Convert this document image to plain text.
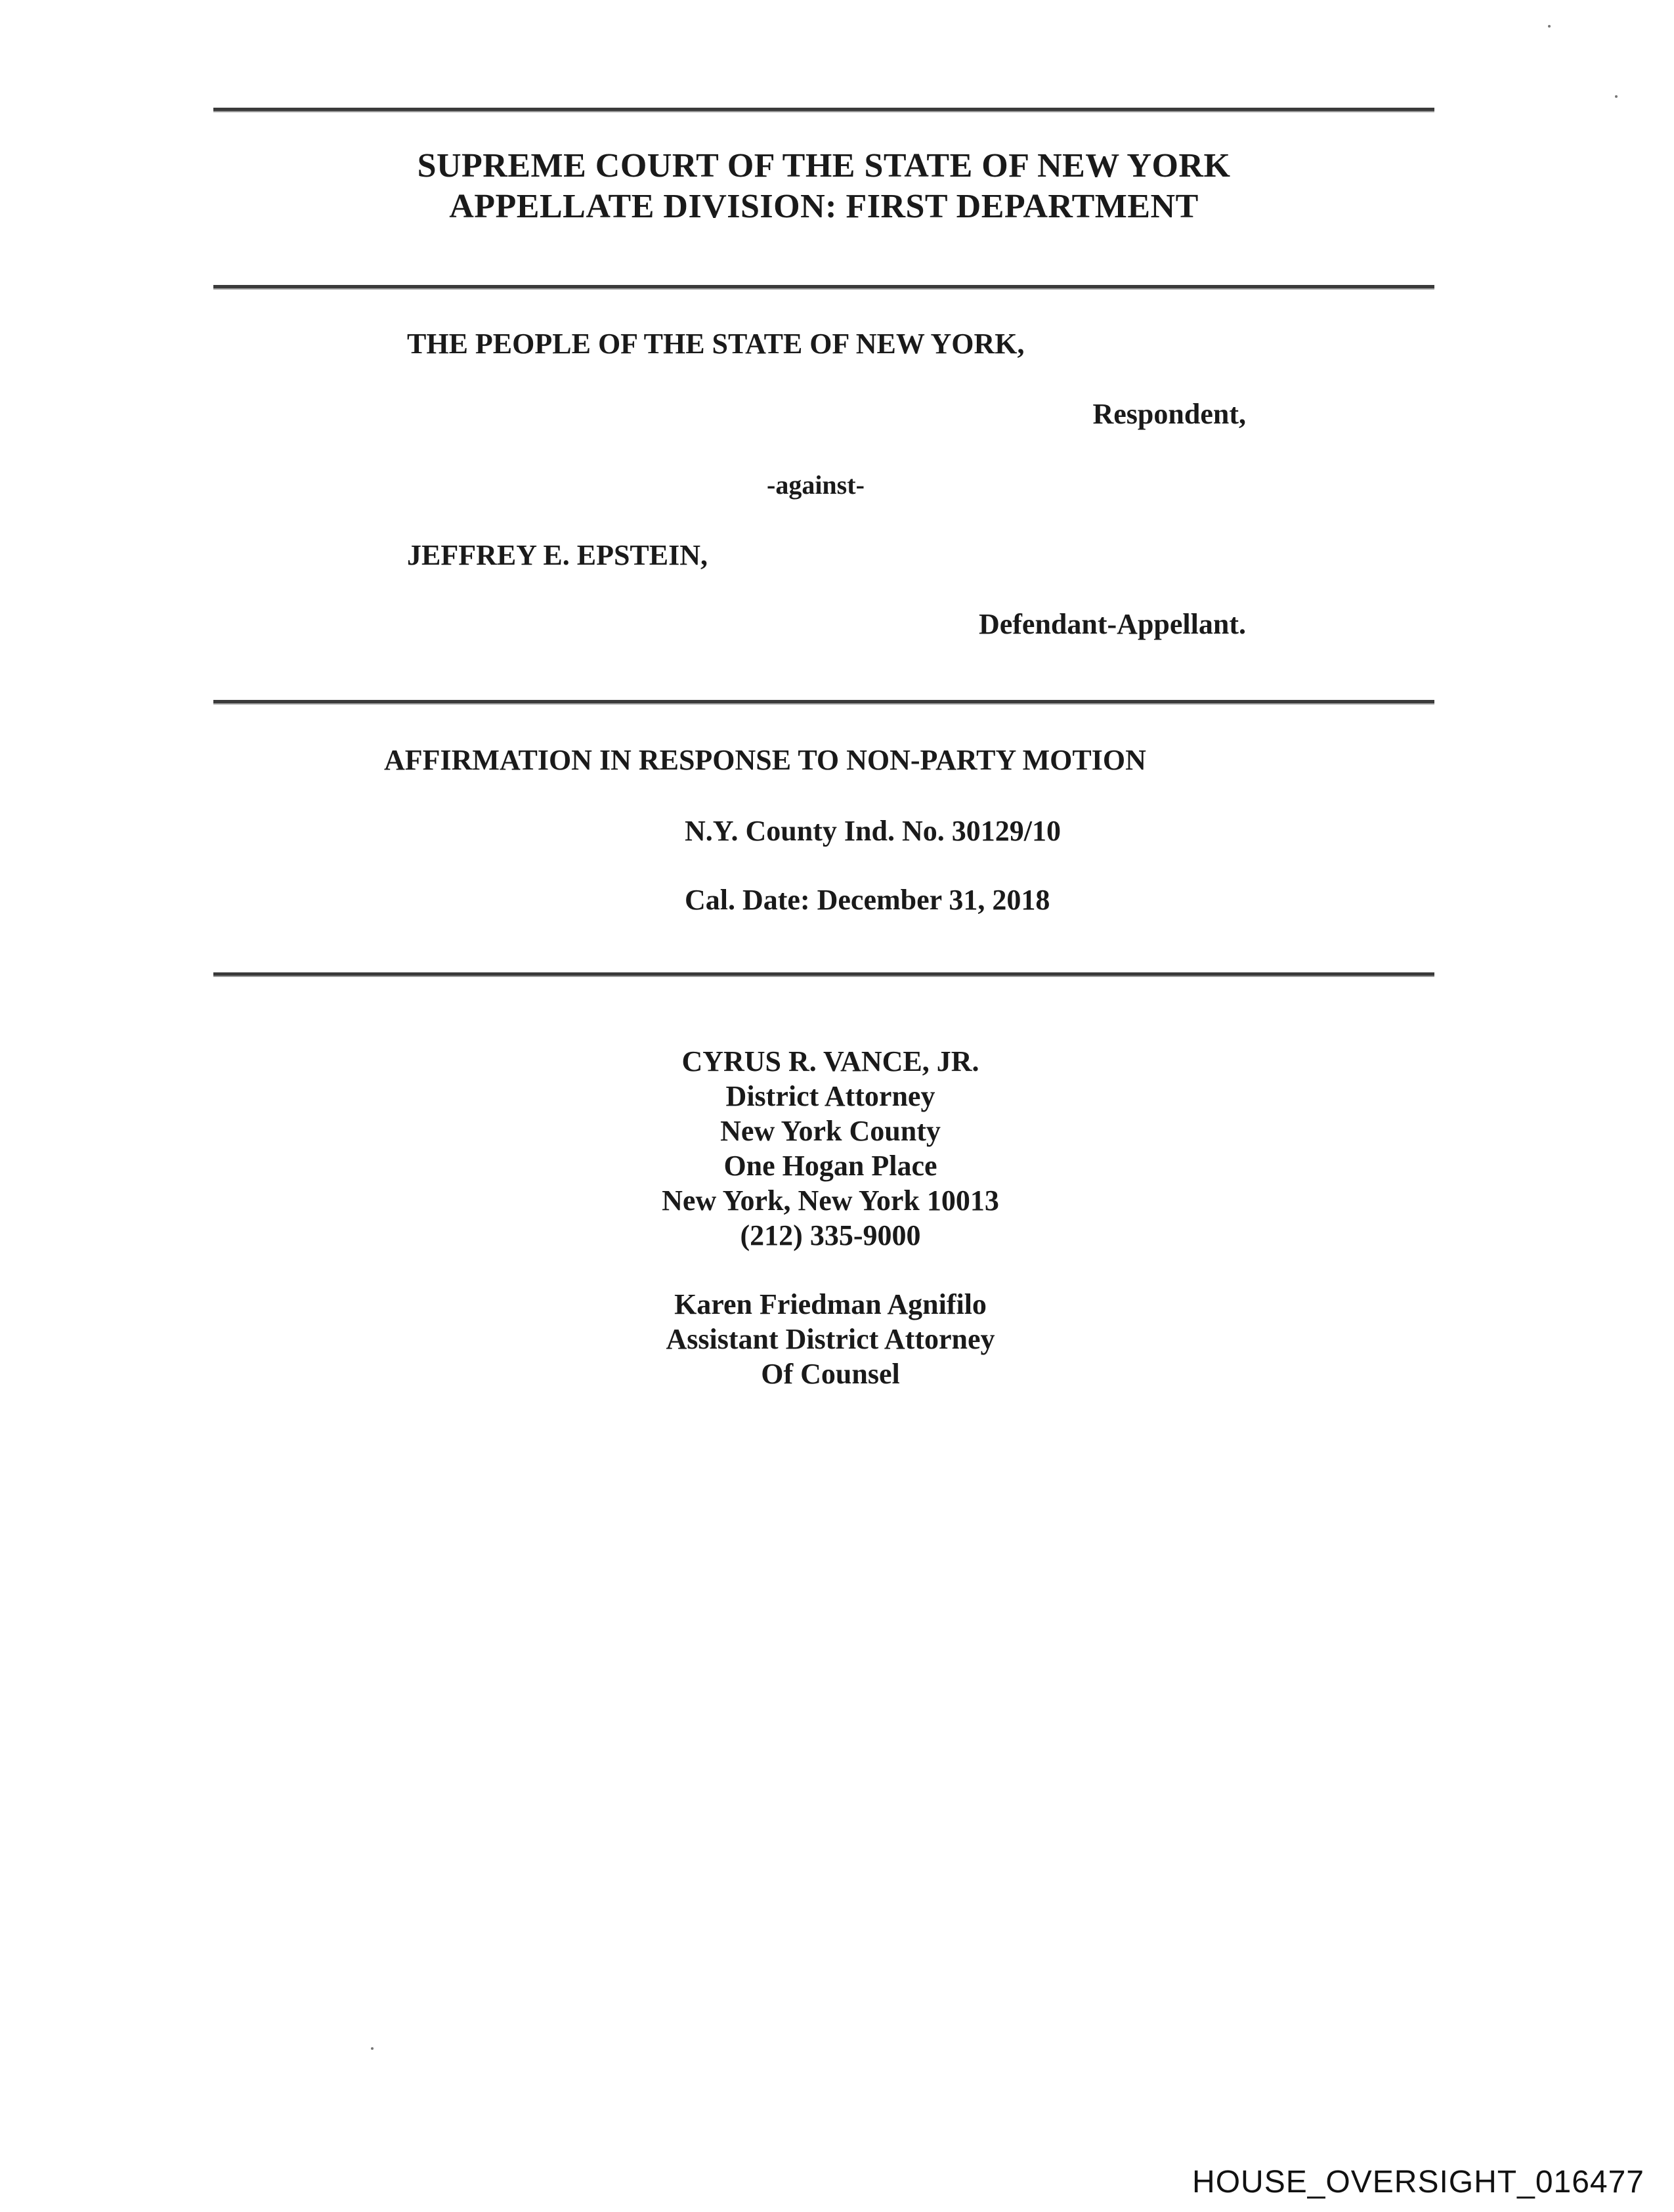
SUPREME COURT OF THE STATE OF NEW YORK
APPELLATE DIVISION: FIRST DEPARTMENT
THE PEOPLE OF THE STATE OF NEW YORK,
Respondent,
-against-
JEFFREY E. EPSTEIN,
Defendant-Appellant.
AFFIRMATION IN RESPONSE TO NON-PARTY MOTION
N.Y. County Ind. No. 30129/10
Cal. Date: December 31, 2018
CYRUS R. VANCE, JR.
District Attorney
New York County
One Hogan Place
New York, New York 10013
(212) 335-9000
Karen Friedman Agnifilo
Assistant District Attorney
Of Counsel
HOUSE_OVERSIGHT_016477
